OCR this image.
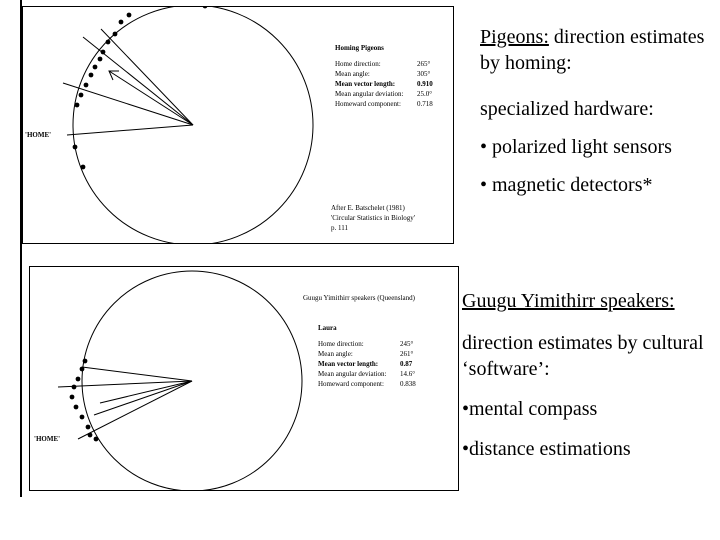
'HOME'
Homing Pigeons
Home direction:	265°
Mean angle:	305°
Mean vector length:	0.910
Mean angular deviation:	25.0°
Homeward component:	0.718
After E. Batschelet (1981)
'Circular Statistics in Biology'
p. 111
Guugu Yimithirr speakers (Queensland)
'HOME'
Laura
Home direction:	245°
Mean angle:	261°
Mean vector length:	0.87
Mean angular deviation:	14.6°
Homeward component:	0.838

Pigeons: direction estimates by homing:

specialized hardware:

• polarized light sensors

• magnetic detectors*

Guugu Yimithirr speakers:

direction estimates by cultural ‘software’:

•mental compass

•distance estimations
